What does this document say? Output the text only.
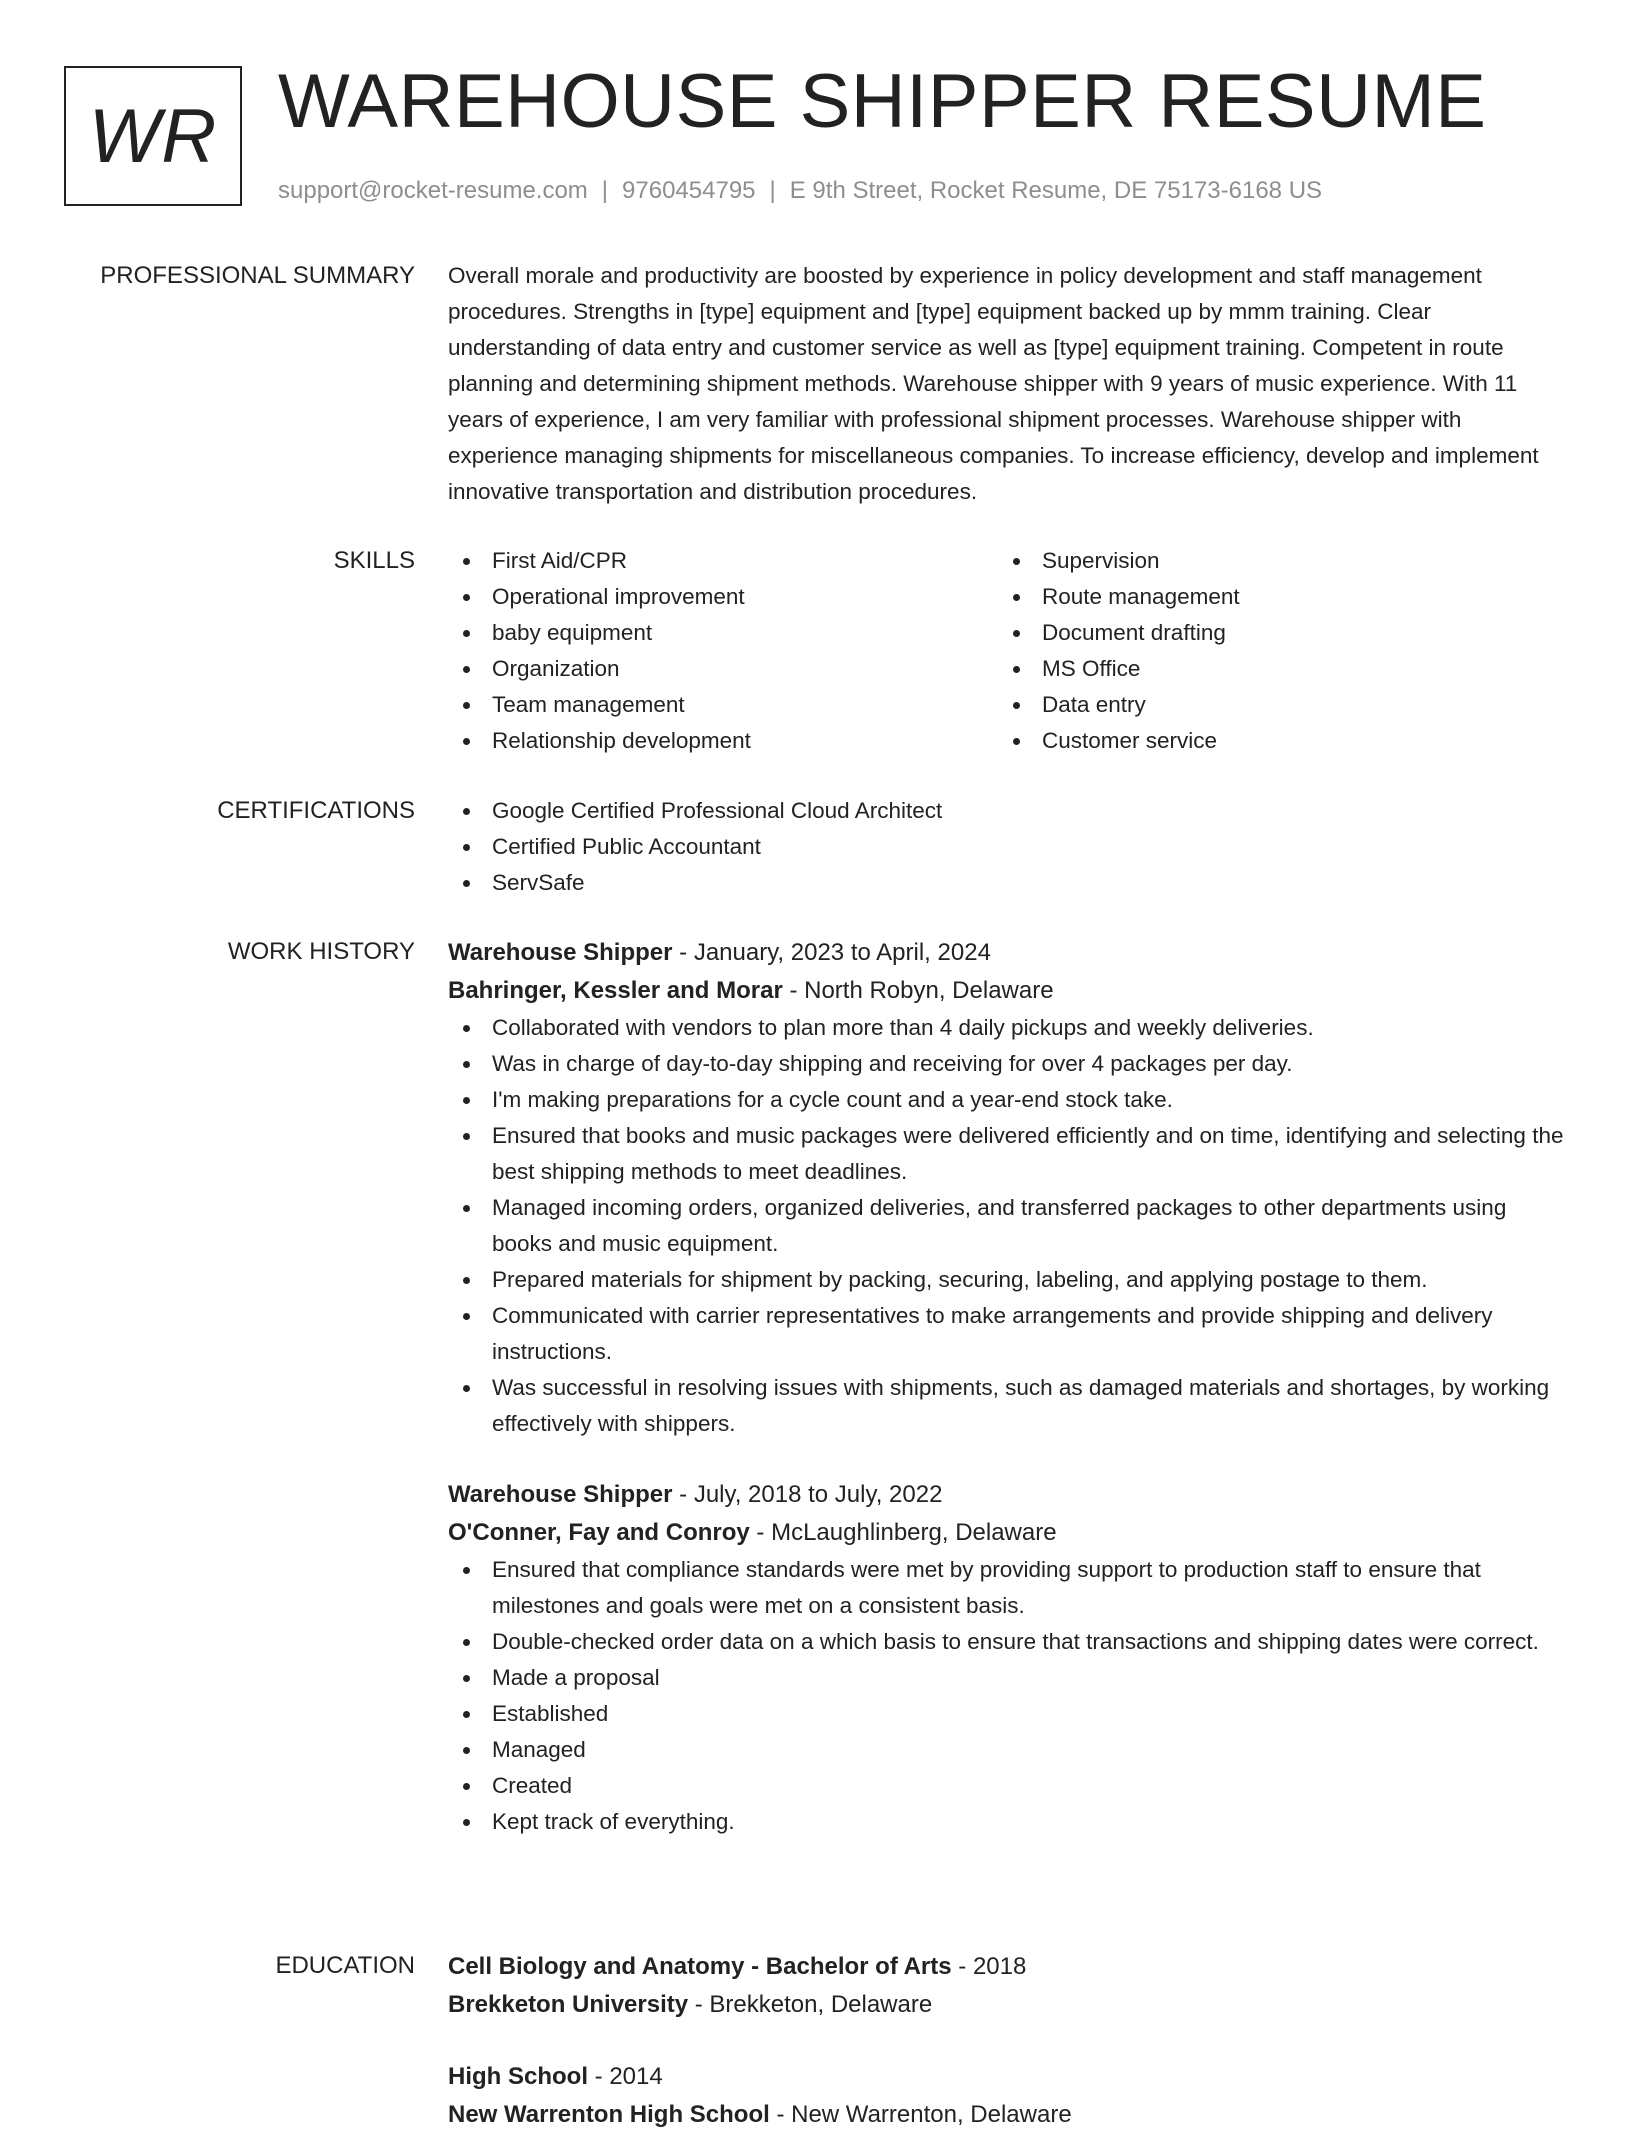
WR WAREHOUSE SHIPPER RESUME
support@rocket-resume.com | 9760454795 | E 9th Street, Rocket Resume, DE 75173-6168 US
PROFESSIONAL SUMMARY Overall morale and productivity are boosted by experience in policy development and staff management procedures. Strengths in [type] equipment and [type] equipment backed up by mmm training. Clear understanding of data entry and customer service as well as [type] equipment training. Competent in route planning and determining shipment methods. Warehouse shipper with 9 years of music experience. With 11 years of experience, I am very familiar with professional shipment processes. Warehouse shipper with experience managing shipments for miscellaneous companies. To increase efficiency, develop and implement innovative transportation and distribution procedures.

SKILLS	First Aid/CPR
Operational improvement
baby equipment
Organization
Team management
Relationship development
Supervision
Route management
Document drafting
MS Office
Data entry
Customer service
CERTIFICATIONS	Google Certified Professional Cloud Architect
Certified Public Accountant
ServSafe
WORK HISTORY Warehouse Shipper - January, 2023 to April, 2024
Bahringer, Kessler and Morar - North Robyn, Delaware
Collaborated with vendors to plan more than 4 daily pickups and weekly deliveries.
Was in charge of day-to-day shipping and receiving for over 4 packages per day.
I'm making preparations for a cycle count and a year-end stock take.
Ensured that books and music packages were delivered efficiently and on time, identifying and selecting the best shipping methods to meet deadlines.
Managed incoming orders, organized deliveries, and transferred packages to other departments using books and music equipment.
Prepared materials for shipment by packing, securing, labeling, and applying postage to them.
Communicated with carrier representatives to make arrangements and provide shipping and delivery instructions.
Was successful in resolving issues with shipments, such as damaged materials and shortages, by working effectively with shippers.
Warehouse Shipper - July, 2018 to July, 2022
O'Conner, Fay and Conroy - McLaughlinberg, Delaware
Ensured that compliance standards were met by providing support to production staff to ensure that milestones and goals were met on a consistent basis.
Double-checked order data on a which basis to ensure that transactions and shipping dates were correct.
Made a proposal
Established
Managed
Created
Kept track of everything.
EDUCATION Cell Biology and Anatomy - Bachelor of Arts - 2018
Brekketon University - Brekketon, Delaware
High School - 2014
New Warrenton High School - New Warrenton, Delaware
